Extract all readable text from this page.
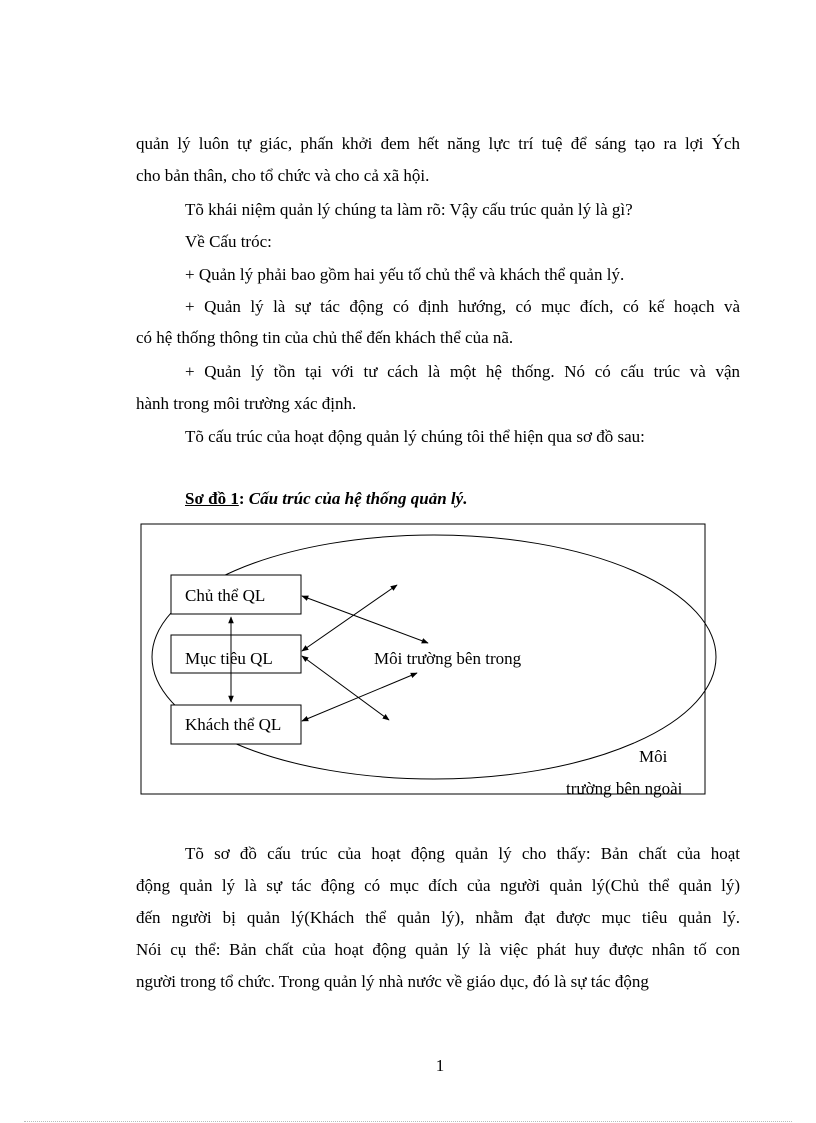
quản lý luôn tự giác, phấn khởi đem hết năng lực trí tuệ để sáng tạo ra lợi Ých
cho bản thân, cho tổ chức và cho cả xã hội.
Tõ khái niệm quản lý chúng ta làm rõ: Vậy cấu trúc quản lý là gì?
Về Cấu tróc:
+ Quản lý phải bao gồm hai yếu tố chủ thể và khách thể quản lý.
+ Quản lý là sự tác động có định hướng, có mục đích, có kế hoạch và
có hệ thống thông tin của chủ thể đến khách thể của nã.
+ Quản lý tồn tại với tư cách là một hệ thống. Nó có cấu trúc và vận
hành trong môi trường xác định.
Tõ cấu trúc của hoạt động quản lý chúng tôi thể hiện qua sơ đồ sau:
Sơ đồ 1: Cấu trúc của hệ thống quản lý.
Chủ thể QL
Mục tiêu QL
Khách thể QL
Môi trường bên trong
Môi
trường bên ngoài
Tõ sơ đồ cấu trúc của hoạt động quản lý cho thấy: Bản chất của hoạt
động quản lý là sự tác động có mục đích của người quản lý(Chủ thể quản lý)
đến người bị quản lý(Khách thể quản lý), nhằm đạt được mục tiêu quản lý.
Nói cụ thể: Bản chất của hoạt động quản lý là việc phát huy được nhân tố con
người trong tổ chức. Trong quản lý nhà nước về giáo dục, đó là sự tác động
1
